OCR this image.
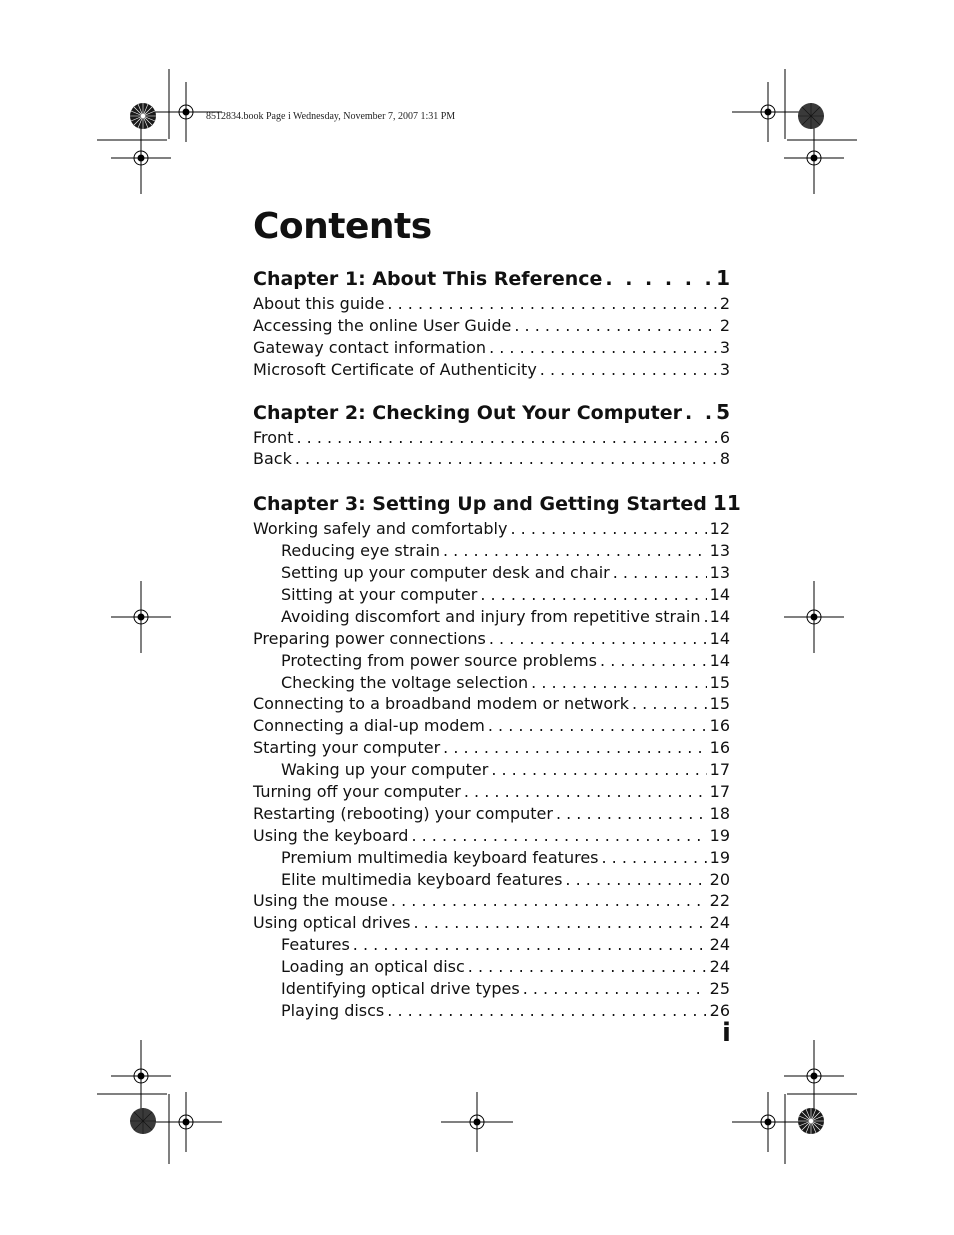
8512834.book Page i Wednesday, November 7, 2007 1:31 PM
Contents
Chapter 1: About This Reference . . .	1
About this guide . . .	2
Accessing the online User Guide . . .	2
Gateway contact information . . .	3
Microsoft Certificate of Authenticity . . .	3
Chapter 2: Checking Out Your Computer . . . 5
Front . . .	6
Back . . .	8
Chapter 3: Setting Up and Getting Started 11
Working safely and comfortably . . .	12
Reducing eye strain . . .	13
Setting up your computer desk and chair . . .	13
Sitting at your computer . . .	14
Avoiding discomfort and injury from repetitive strain . . . 14
Preparing power connections . . .	14
Protecting from power source problems . . .	14
Checking the voltage selection . . .	15
Connecting to a broadband modem or network . . .	15
Connecting a dial-up modem . . .	16
Starting your computer . . .	16
Waking up your computer . . .	17
Turning off your computer . . .	17
Restarting (rebooting) your computer . . .	18
Using the keyboard . . .	19
Premium multimedia keyboard features . . .	19
Elite multimedia keyboard features . . .	20
Using the mouse . . .	22
Using optical drives . . .	24
Features . . .	24
Loading an optical disc . . .	24
Identifying optical drive types . . .	25
Playing discs . . .	26
i
